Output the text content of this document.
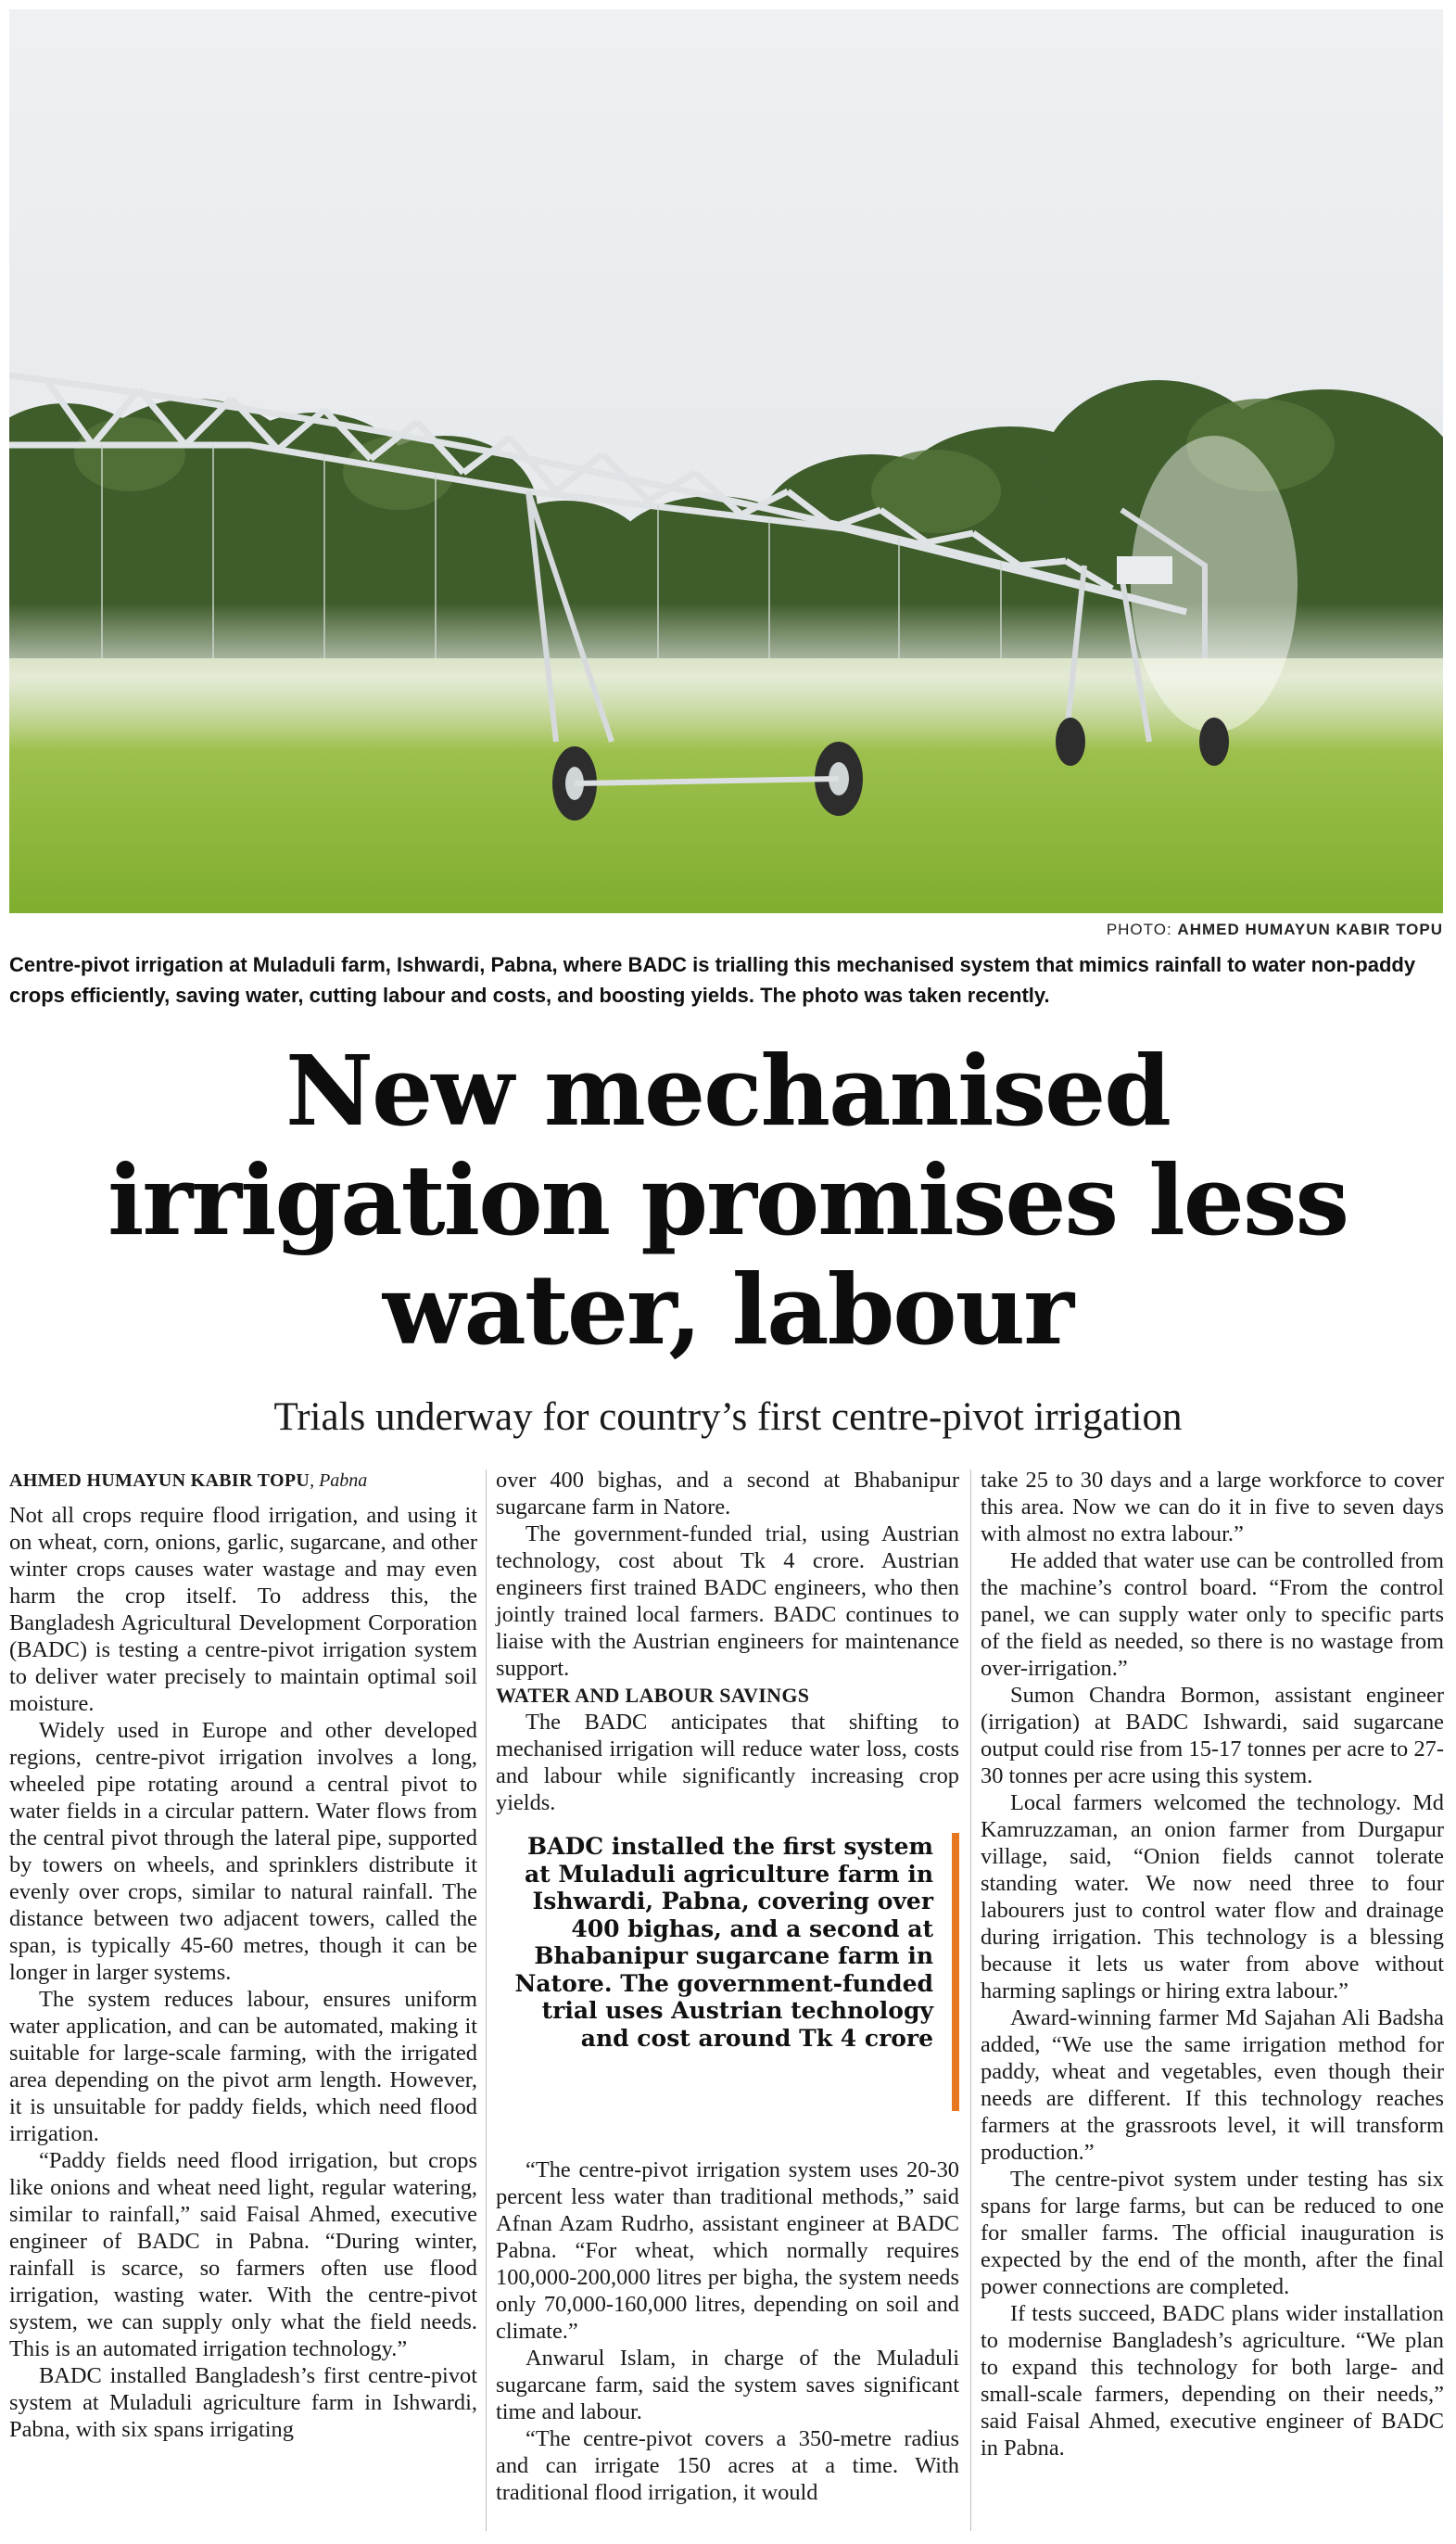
PHOTO: AHMED HUMAYUN KABIR TOPU
Centre-pivot irrigation at Muladuli farm, Ishwardi, Pabna, where BADC is trialling this mechanised system that mimics rainfall to water non-paddy crops efficiently, saving water, cutting labour and costs, and boosting yields. The photo was taken recently.
New mechanised
irrigation promises less
water, labour
Trials underway for country’s first centre-pivot irrigation

AHMED HUMAYUN KABIR TOPU, Pabna

Not all crops require flood irrigation, and using it on wheat, corn, onions, garlic, sugarcane, and other winter crops causes water wastage and may even harm the crop itself. To address this, the Bangladesh Agricultural Development Corporation (BADC) is testing a centre-pivot irrigation system to deliver water precisely to maintain optimal soil moisture.

Widely used in Europe and other developed regions, centre-pivot irrigation involves a long, wheeled pipe rotating around a central pivot to water fields in a circular pattern. Water flows from the central pivot through the lateral pipe, supported by towers on wheels, and sprinklers distribute it evenly over crops, similar to natural rainfall. The distance between two adjacent towers, called the span, is typically 45-60 metres, though it can be longer in larger systems.

The system reduces labour, ensures uniform water application, and can be automated, making it suitable for large-scale farming, with the irrigated area depending on the pivot arm length. However, it is unsuitable for paddy fields, which need flood irrigation.

“Paddy fields need flood irrigation, but crops like onions and wheat need light, regular watering, similar to rainfall,” said Faisal Ahmed, executive engineer of BADC in Pabna. “During winter, rainfall is scarce, so farmers often use flood irrigation, wasting water. With the centre-pivot system, we can supply only what the field needs. This is an automated irrigation technology.”

BADC installed Bangladesh’s first centre-pivot system at Muladuli agriculture farm in Ishwardi, Pabna, with six spans irrigating

over 400 bighas, and a second at Bhabanipur sugarcane farm in Natore.

The government-funded trial, using Austrian technology, cost about Tk 4 crore. Austrian engineers first trained BADC engineers, who then jointly trained local farmers. BADC continues to liaise with the Austrian engineers for maintenance support.

WATER AND LABOUR SAVINGS

The BADC anticipates that shifting to mechanised irrigation will reduce water loss, costs and labour while significantly increasing crop yields.

BADC installed the first system at Muladuli agriculture farm in Ishwardi, Pabna, covering over 400 bighas, and a second at Bhabanipur sugarcane farm in Natore. The government-funded trial uses Austrian technology and cost around Tk 4 crore

“The centre-pivot irrigation system uses 20-30 percent less water than traditional methods,” said Afnan Azam Rudrho, assistant engineer at BADC Pabna. “For wheat, which normally requires 100,000-200,000 litres per bigha, the system needs only 70,000-160,000 litres, depending on soil and climate.”

Anwarul Islam, in charge of the Muladuli sugarcane farm, said the system saves significant time and labour.

“The centre-pivot covers a 350-metre radius and can irrigate 150 acres at a time. With traditional flood irrigation, it would

take 25 to 30 days and a large workforce to cover this area. Now we can do it in five to seven days with almost no extra labour.”

He added that water use can be controlled from the machine’s control board. “From the control panel, we can supply water only to specific parts of the field as needed, so there is no wastage from over-irrigation.”

Sumon Chandra Bormon, assistant engineer (irrigation) at BADC Ishwardi, said sugarcane output could rise from 15-17 tonnes per acre to 27-30 tonnes per acre using this system.

Local farmers welcomed the technology. Md Kamruzzaman, an onion farmer from Durgapur village, said, “Onion fields cannot tolerate standing water. We now need three to four labourers just to control water flow and drainage during irrigation. This technology is a blessing because it lets us water from above without harming saplings or hiring extra labour.”

Award-winning farmer Md Sajahan Ali Badsha added, “We use the same irrigation method for paddy, wheat and vegetables, even though their needs are different. If this technology reaches farmers at the grassroots level, it will transform production.”

The centre-pivot system under testing has six spans for large farms, but can be reduced to one for smaller farms. The official inauguration is expected by the end of the month, after the final power connections are completed.

If tests succeed, BADC plans wider installation to modernise Bangladesh’s agriculture. “We plan to expand this technology for both large- and small-scale farmers, depending on their needs,” said Faisal Ahmed, executive engineer of BADC in Pabna.
